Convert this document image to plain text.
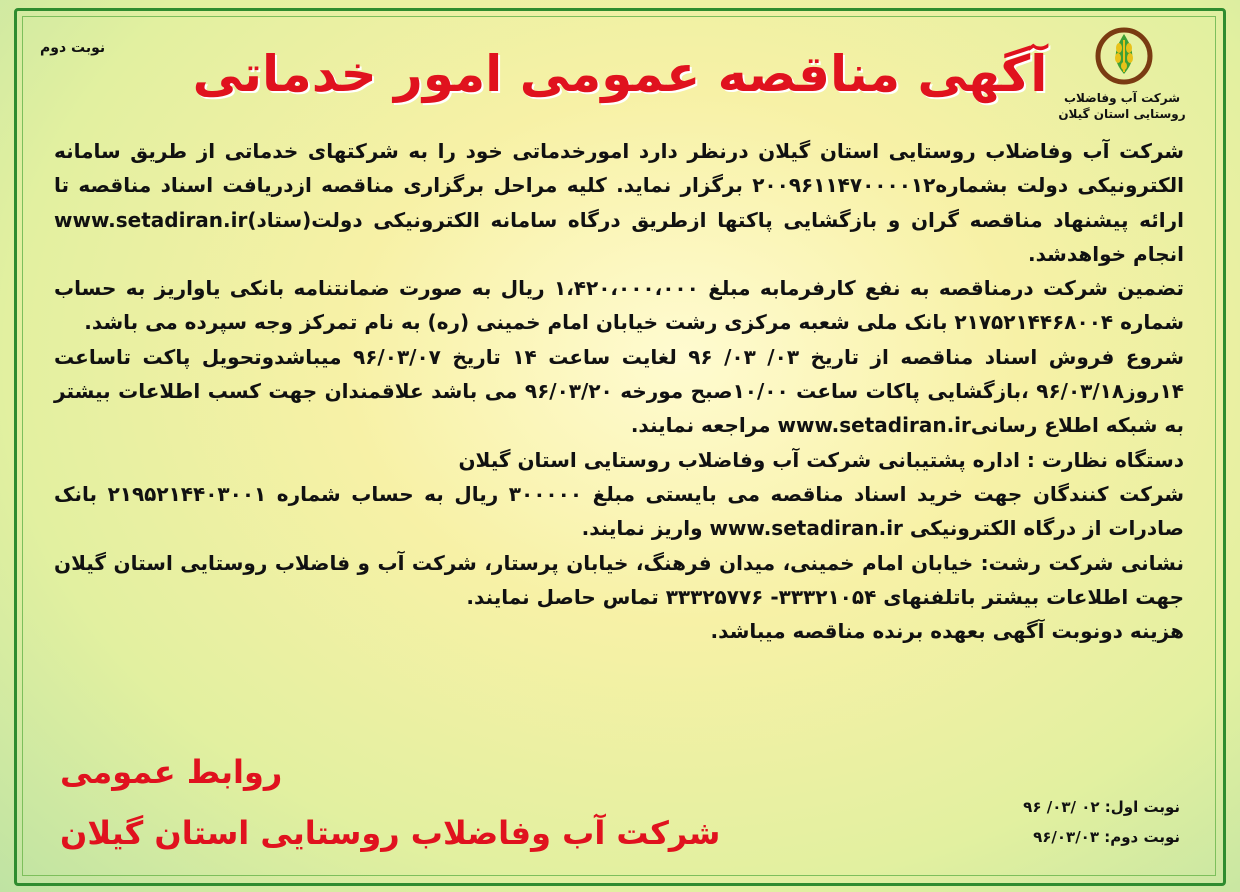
شرکت آب وفاضلاب
روستایی استان گیلان
نوبت دوم آگهی مناقصه عمومی امور خدماتی

شرکت آب وفاضلاب روستایی استان گیلان درنظر دارد امورخدماتی خود را به شرکتهای خدماتی از طریق سامانه الکترونیکی دولت بشماره۲۰۰۹۶۱۱۴۷۰۰۰۰۱۲ برگزار نماید. کلیه مراحل برگزاری مناقصه ازدریافت اسناد مناقصه تا ارائه پیشنهاد مناقصه گران و بازگشایی پاکتها ازطریق درگاه سامانه الکترونیکی دولت(ستاد)www.setadiran.ir انجام خواهدشد.

تضمین شرکت درمناقصه به نفع کارفرمابه مبلغ ۱،۴۲۰،۰۰۰،۰۰۰ ریال به صورت ضمانتنامه بانکی یاواریز به حساب شماره ۲۱۷۵۲۱۴۴۶۸۰۰۴ بانک ملی شعبه مرکزی رشت خیابان امام خمینی (ره) به نام تمرکز وجه سپرده می باشد.

شروع فروش اسناد مناقصه از تاریخ ۰۳/ ۰۳/ ۹۶ لغایت ساعت ۱۴ تاریخ ۹۶/۰۳/۰۷ میباشدوتحویل پاکت تاساعت ۱۴روز۹۶/۰۳/۱۸ ،بازگشایی پاکات ساعت ۱۰/۰۰صبح مورخه ۹۶/۰۳/۲۰ می باشد علاقمندان جهت کسب اطلاعات بیشتر به شبکه اطلاع رسانیwww.setadiran.ir مراجعه نمایند.

دستگاه نظارت : اداره پشتیبانی شرکت آب وفاضلاب روستایی استان گیلان

شرکت کنندگان جهت خرید اسناد مناقصه می بایستی مبلغ ۳۰۰۰۰۰ ریال به حساب شماره ۲۱۹۵۲۱۴۴۰۳۰۰۱ بانک صادرات از درگاه الکترونیکی www.setadiran.ir واریز نمایند.

نشانی شرکت رشت: خیابان امام خمینی، میدان فرهنگ، خیابان پرستار، شرکت آب و فاضلاب روستایی استان گیلان جهت اطلاعات بیشتر باتلفنهای ۳۳۳۲۱۰۵۴- ۳۳۳۲۵۷۷۶ تماس حاصل نمایند.

هزینه دونوبت آگهی بعهده برنده مناقصه میباشد.

نوبت اول: ۰۲ /۰۳/ ۹۶
نوبت دوم: ۹۶/۰۳/۰۳
روابط عمومی
شرکت آب وفاضلاب روستایی استان گیلان
